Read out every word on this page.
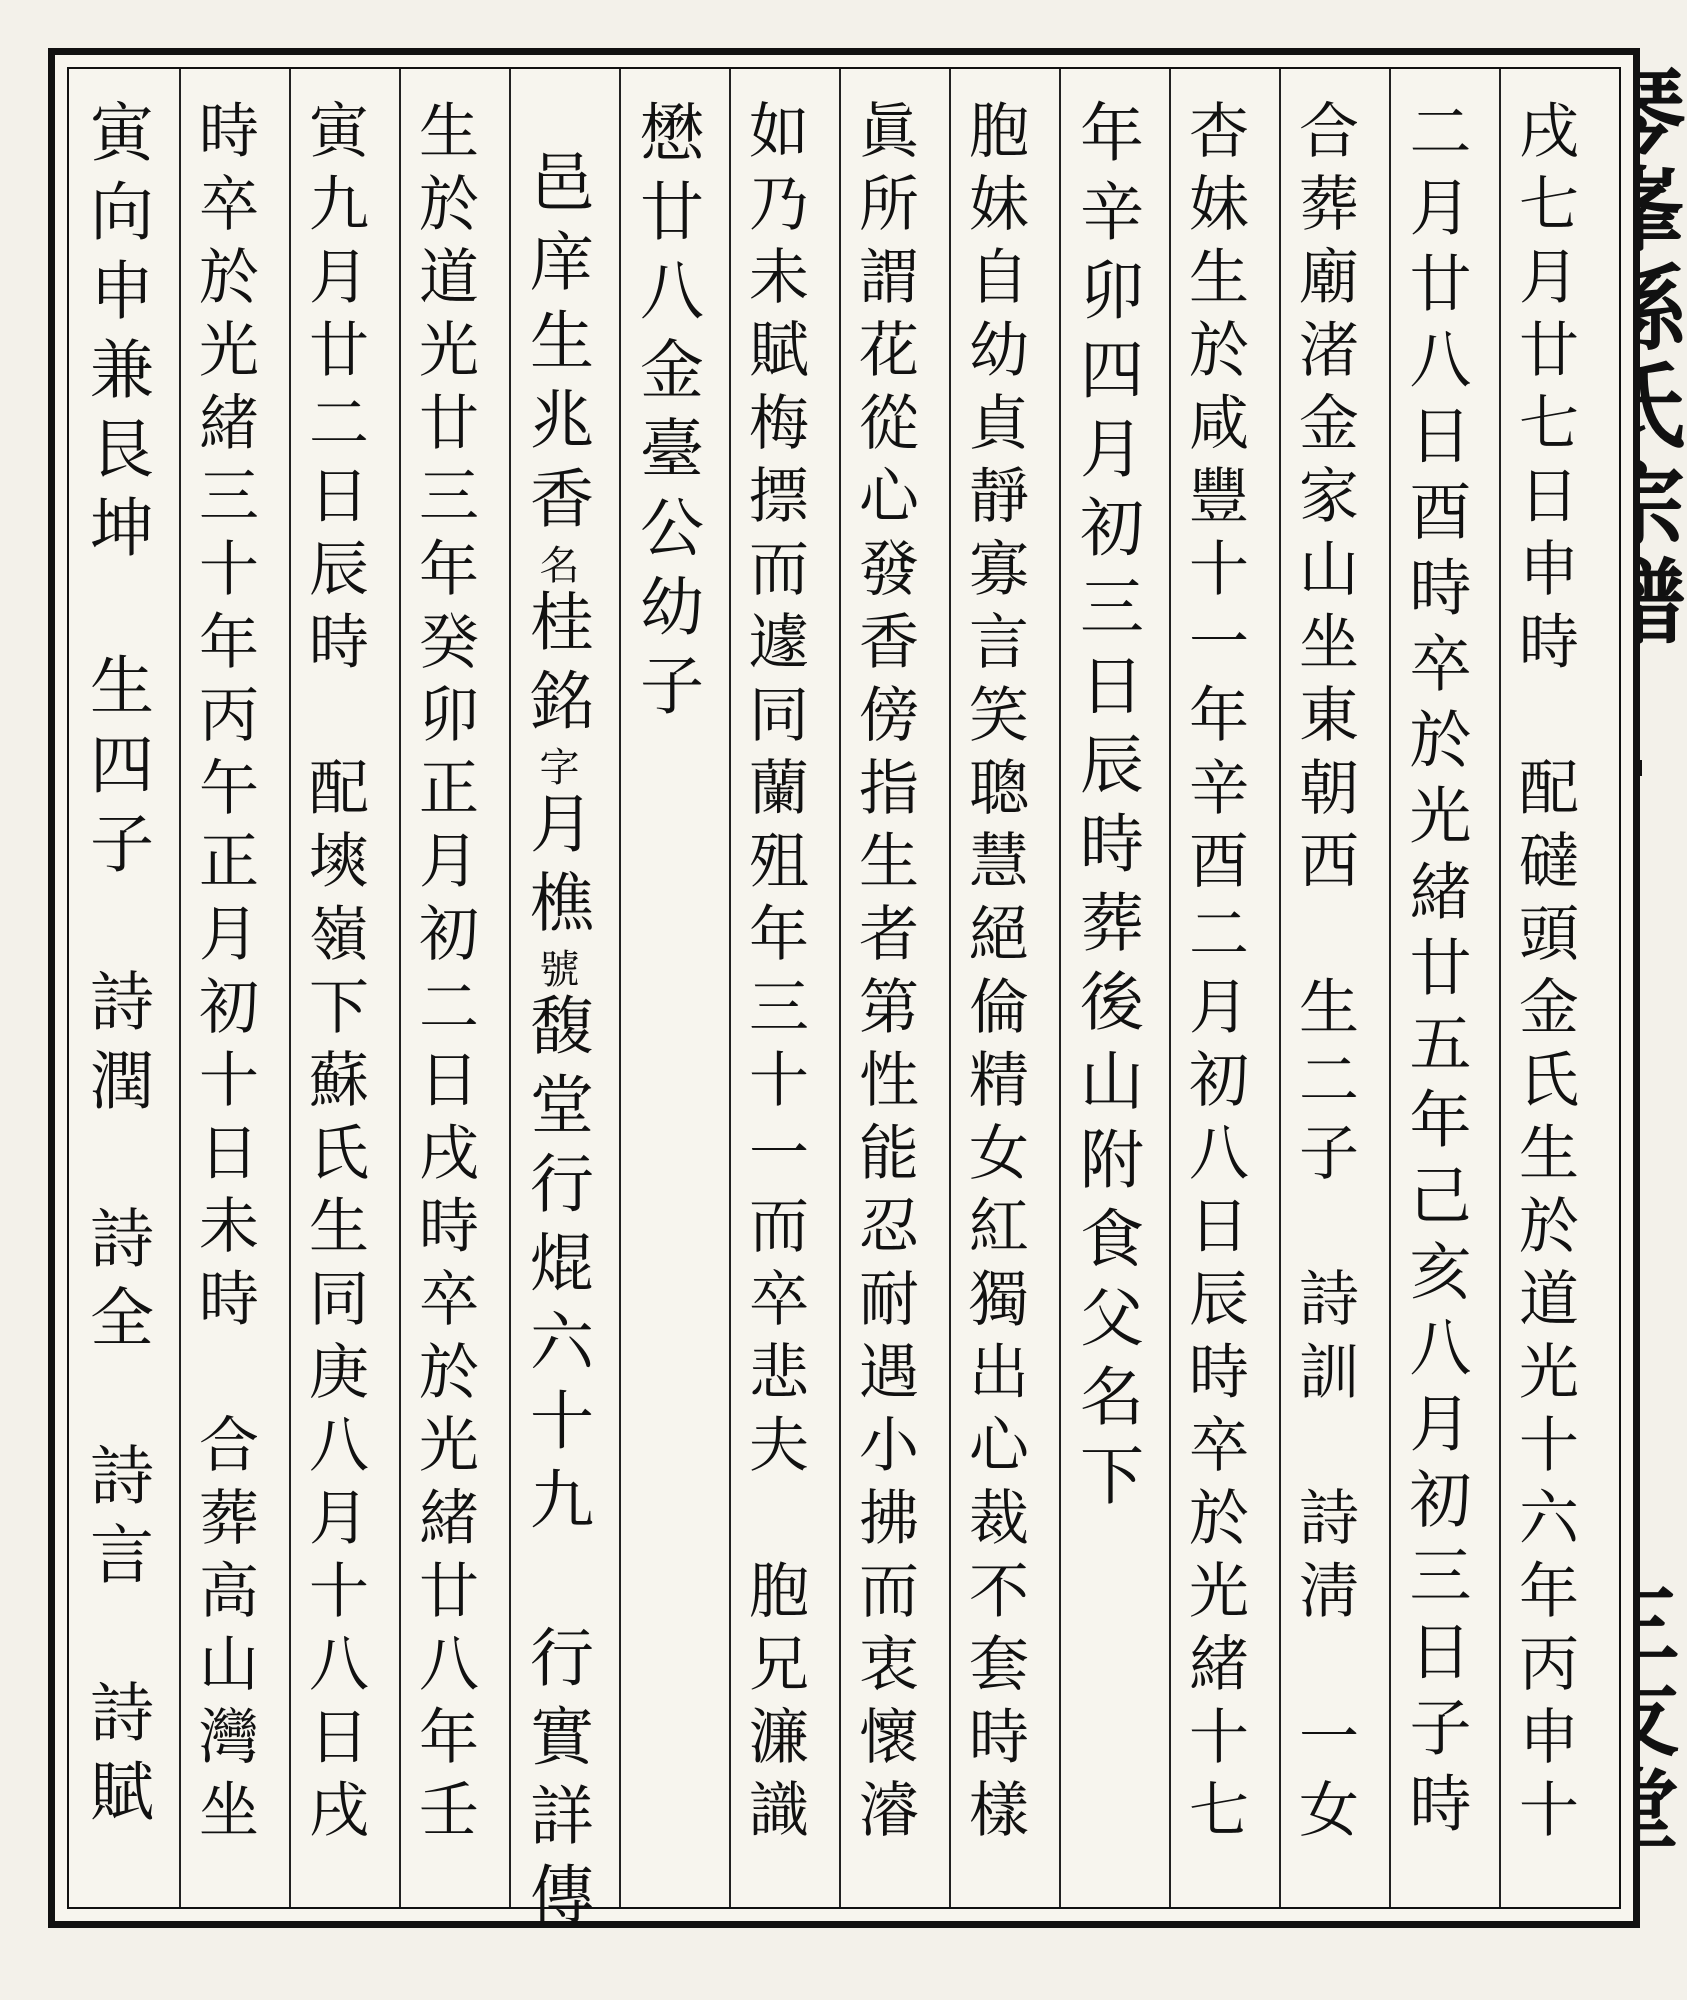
戌七月廿七日申時　配䃮頭金氏生於道光十六年丙申十
二月廿八日酉時卒於光緒廿五年己亥八月初三日子時
合葬廟渚金家山坐東朝西　生二子　詩訓　詩淸　一女
杏妹生於咸豐十一年辛酉二月初八日辰時卒於光緒十七
年辛卯四月初三日辰時葬後山附食父名下
胞妹自幼貞靜寡言笑聰慧絕倫精女紅獨出心裁不套時樣
眞所謂花從心發香傍指生者第性能忍耐遇小拂而衷懷濬
如乃未賦梅摽而遽同蘭殂年三十一而卒悲夫　胞兄濂識
懋廿八金臺公幼子
邑庠生兆香名桂銘字月樵號馥堂行焜六十九　行實詳傳
生於道光廿三年癸卯正月初二日戌時卒於光緒廿八年壬
寅九月廿二日辰時　配塽嶺下蘇氏生同庚八月十八日戌
時卒於光緒三十年丙午正月初十日未時　合葬高山灣坐
寅向申兼艮坤　生四子　詩潤　詩全　詩言　詩賦
